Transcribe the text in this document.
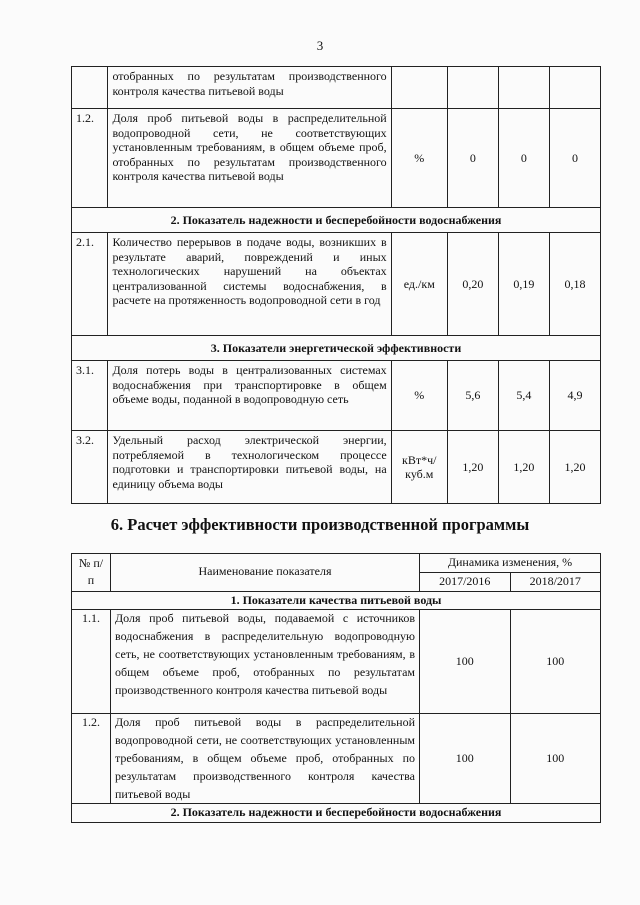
3
	отобранных по результатам производственного контроля качества питьевой воды				
1.2.	Доля проб питьевой воды в распределительной водопроводной сети, не соответствующих установленным требованиям, в общем объеме проб, отобранных по результатам производственного контроля качества питьевой воды	%	0	0	0
2. Показатель надежности и бесперебойности водоснабжения					
2.1.	Количество перерывов в подаче воды, возникших в результате аварий, повреждений и иных технологических нарушений на объектах централизованной системы водоснабжения, в расчете на протяженность водопроводной сети в год	ед./км	0,20	0,19	0,18
3. Показатели энергетической эффективности					
3.1.	Доля потерь воды в централизованных системах водоснабжения при транспортировке в общем объеме воды, поданной в водопроводную сеть	%	5,6	5,4	4,9
3.2.	Удельный расход электрической энергии, потребляемой в технологическом процессе подготовки и транспортировки питьевой воды, на единицу объема воды	кВт*ч/ куб.м	1,20	1,20	1,20
6. Расчет эффективности производственной программы
№ п/п	Наименование показателя	Динамика изменения, %	
		2017/2016	2018/2017
1. Показатели качества питьевой воды			
1.1.	Доля проб питьевой воды, подаваемой с источников водоснабжения в распределительную водопроводную сеть, не соответствующих установленным требованиям, в общем объеме проб, отобранных по результатам производственного контроля качества питьевой воды	100	100
1.2.	Доля проб питьевой воды в распределительной водопроводной сети, не соответствующих установленным требованиям, в общем объеме проб, отобранных по результатам производственного контроля качества питьевой воды	100	100
2. Показатель надежности и бесперебойности водоснабжения			
